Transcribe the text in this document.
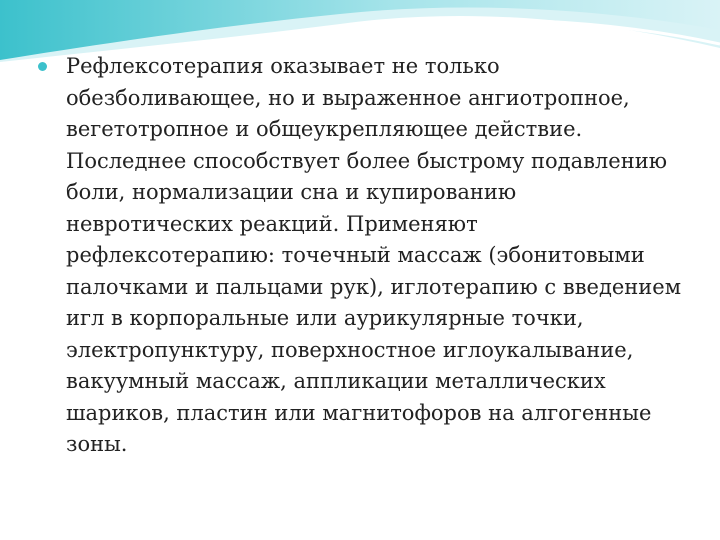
Рефлексотерапия оказывает не только обезболивающее, но и выраженное ангиотропное, вегетотропное и общеукрепляющее действие. Последнее способствует более быстрому подавлению боли, нормализации сна и купированию невротических реакций. Применяют рефлексотерапию: точечный массаж (эбонитовыми палочками и пальцами рук), иглотерапию с введением игл в корпоральные или аурикулярные точки, электропунктуру, поверхностное иглоукалывание, вакуумный массаж, аппликации металлических шариков, пластин или магнитофоров на алгогенные зоны.
